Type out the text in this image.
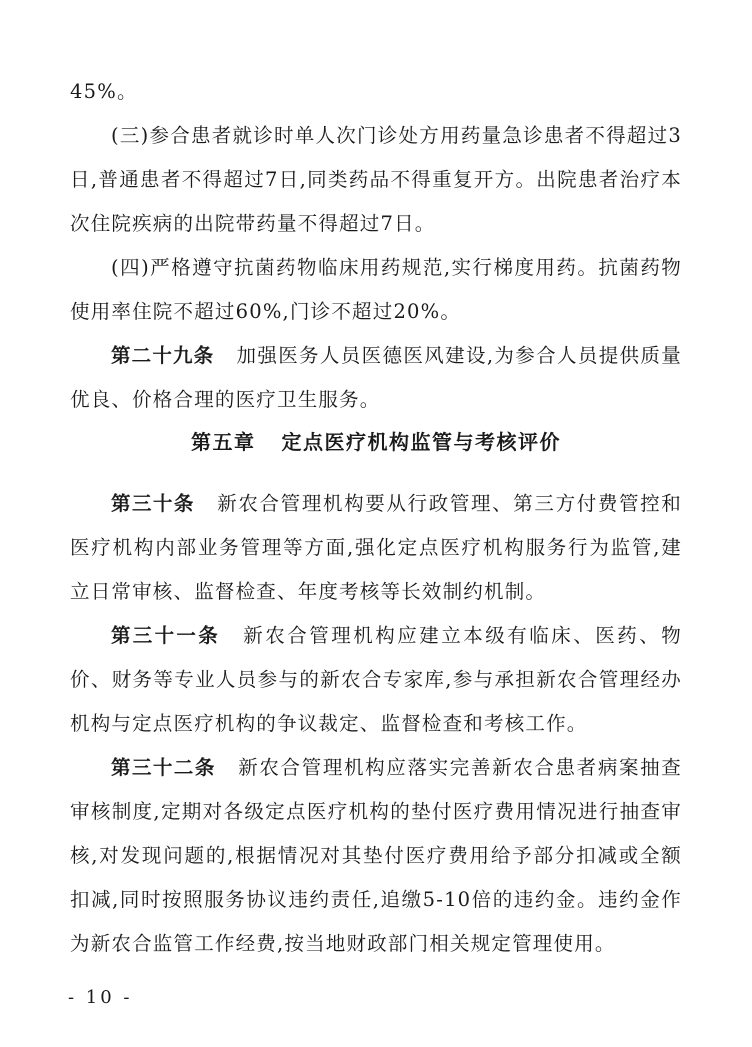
45%。
(三)参合患者就诊时单人次门诊处方用药量急诊患者不得超过3日,普通患者不得超过7日,同类药品不得重复开方。出院患者治疗本次住院疾病的出院带药量不得超过7日。
(四)严格遵守抗菌药物临床用药规范,实行梯度用药。抗菌药物使用率住院不超过60%,门诊不超过20%。
第二十九条 加强医务人员医德医风建设,为参合人员提供质量优良、价格合理的医疗卫生服务。
第五章 定点医疗机构监管与考核评价
第三十条 新农合管理机构要从行政管理、第三方付费管控和医疗机构内部业务管理等方面,强化定点医疗机构服务行为监管,建立日常审核、监督检查、年度考核等长效制约机制。
第三十一条 新农合管理机构应建立本级有临床、医药、物价、财务等专业人员参与的新农合专家库,参与承担新农合管理经办机构与定点医疗机构的争议裁定、监督检查和考核工作。
第三十二条 新农合管理机构应落实完善新农合患者病案抽查审核制度,定期对各级定点医疗机构的垫付医疗费用情况进行抽查审核,对发现问题的,根据情况对其垫付医疗费用给予部分扣减或全额扣减,同时按照服务协议违约责任,追缴5-10倍的违约金。违约金作为新农合监管工作经费,按当地财政部门相关规定管理使用。
- 10 -
